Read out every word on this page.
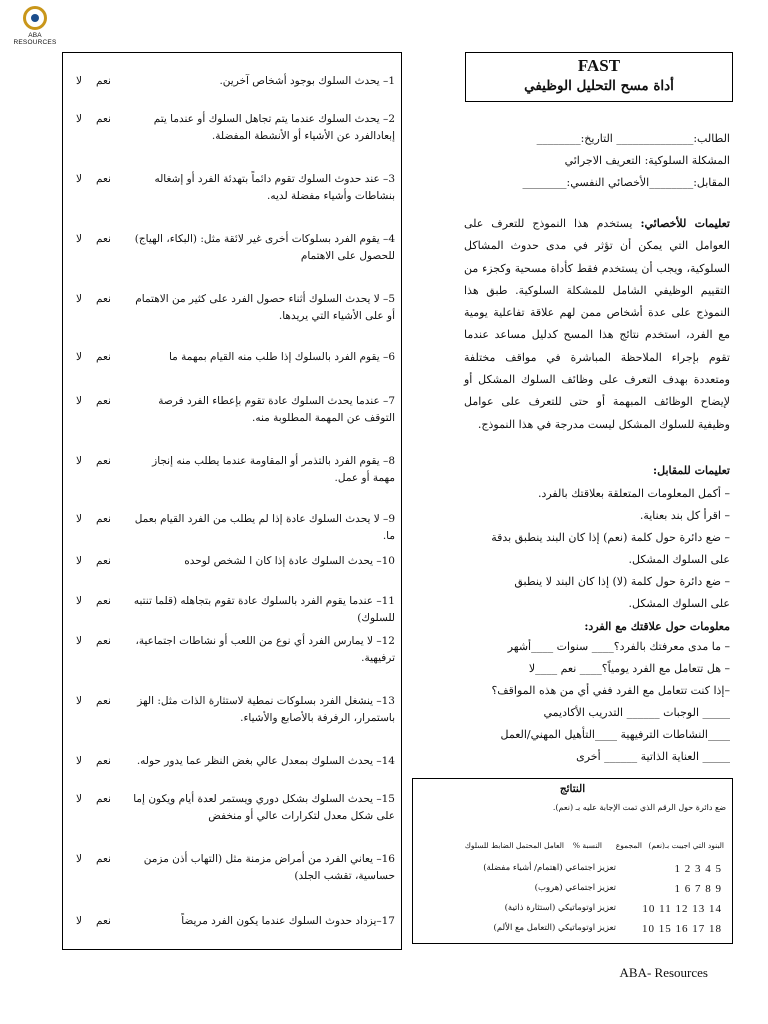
ABA RESOURCES

1– يحدث السلوك بوجود أشخاص آخرين.
نعم
لا
2– يحدث السلوك عندما يتم تجاهل السلوك أو عندما يتم إبعادالفرد عن الأشياء أو الأنشطة المفضلة.
نعم
لا
3– عند حدوث السلوك تقوم دائماً بتهدئة الفرد أو إشغاله بنشاطات وأشياء مفضلة لديه.
نعم
لا
4– يقوم الفرد بسلوكات أخرى غير لائقة مثل: (البكاء، الهياج) للحصول على الاهتمام
نعم
لا
5– لا يحدث السلوك أثناء حصول الفرد على كثير من الاهتمام أو على الأشياء التي يريدها.
نعم
لا
6– يقوم الفرد بالسلوك إذا طلب منه القيام بمهمة ما
نعم
لا
7– عندما يحدث السلوك عادة تقوم بإعطاء الفرد فرصة التوقف عن المهمة المطلوبة منه.
نعم
لا
8– يقوم الفرد بالتذمر أو المقاومة عندما يطلب منه إنجاز مهمة أو عمل.
نعم
لا
9– لا يحدث السلوك عادة إذا لم يطلب من الفرد القيام بعمل ما.
نعم
لا
10– يحدث السلوك عادة إذا كان ا لشخص لوحده
نعم
لا
11– عندما يقوم الفرد بالسلوك عادة تقوم بتجاهله (قلما تنتبه للسلوك)
نعم
لا
12– لا يمارس الفرد أي نوع من اللعب أو نشاطات اجتماعية، ترفيهية.
نعم
لا
13– ينشغل الفرد بسلوكات نمطية لاستثارة الذات مثل: الهز باستمرار، الرفرفة بالأصابع والأشياء.
نعم
لا
14– يحدث السلوك بمعدل عالي بغض النظر عما يدور حوله.
نعم
لا
15– يحدث السلوك بشكل دوري ويستمر لعدة أيام ويكون إما على شكل معدل لتكرارات عالي أو منخفض
نعم
لا
16– يعاني الفرد من أمراض مزمنة مثل (التهاب أذن مزمن حساسية، تقشب الجلد)
نعم
لا
17–يزداد حدوث السلوك عندما يكون الفرد مريضاً
نعم
لا
FAST
أداة مسح التحليل الوظيفي
الطالب:______________ التاريخ:________
المشكلة السلوكية: التعريف الاجرائي
المقابل:________الأخصائي النفسي:________
تعليمات للأخصائي: يستخدم هذا النموذج للتعرف على العوامل التي يمكن أن تؤثر في مدى حدوث المشاكل السلوكية، ويجب أن يستخدم فقط كأداة مسحية وكجزء من التقييم الوظيفي الشامل للمشكلة السلوكية. طبق هذا النموذج على عدة أشخاص ممن لهم علاقة تفاعلية يومية مع الفرد، استخدم نتائج هذا المسح كدليل مساعد عندما تقوم بإجراء الملاحظة المباشرة في مواقف مختلفة ومتعددة بهدف التعرف على وظائف السلوك المشكل أو لإيضاح الوظائف المبهمة أو حتى للتعرف على عوامل وظيفية للسلوك المشكل ليست مدرجة في هذا النموذج.
تعليمات للمقابل:
– أكمل المعلومات المتعلقة بعلاقتك بالفرد.
– اقرأ كل بند بعناية.
– ضع دائرة حول كلمة (نعم) إذا كان البند ينطبق بدقة
على السلوك المشكل.
– ضع دائرة حول كلمة (لا) إذا كان البند لا ينطبق
على السلوك المشكل.
معلومات حول علاقتك مع الفرد:
– ما مدى معرفتك بالفرد؟____ سنوات ____أشهر
– هل تتعامل مع الفرد يومياً؟____ نعم ____لا
–إذا كنت تتعامل مع الفرد ففي أي من هذه المواقف؟
_____ الوجبات ______ التدريب الأكاديمي
____النشاطات الترفيهية ____التأهيل المهني/العمل
_____ العناية الذاتية ______ أخرى
النتائج
ضع دائرة حول الرقم الذي تمت الإجابة عليه بـ (نعم).
البنود التي اجيبت بـ(نعم)
المجموع
النسبة %
العامل المحتمل الضابط للسلوك
تعزيز اجتماعي (اهتمام/ أشياء مفضلة)	1 2 3 4 5
تعزيز اجتماعي (هروب)	1 6 7 8 9
تعزيز اوتوماتيكي (استثارة ذاتية) 10 11 12 13 14
تعزيز اوتوماتيكي (التعامل مع الألم) 10 15 16 17 18
ABA- Resources
